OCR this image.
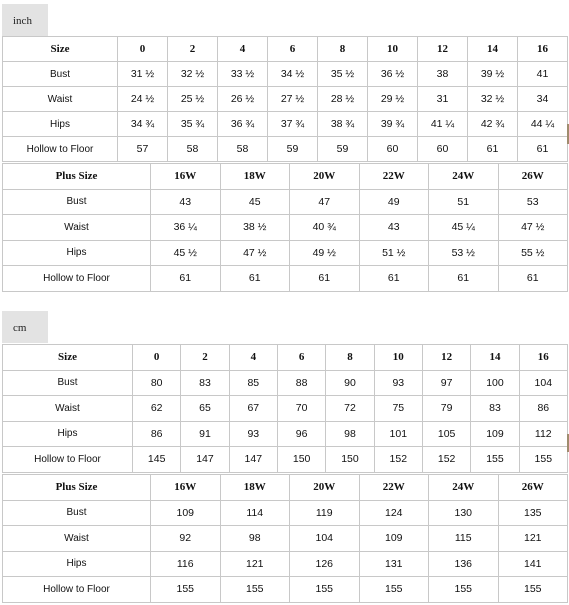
inch
Size	0	2	4	6	8	10	12	14	16
Bust	31 ½	32 ½	33 ½	34 ½	35 ½	36 ½	38	39 ½	41
Waist	24 ½	25 ½	26 ½	27 ½	28 ½	29 ½	31	32 ½	34
Hips	34 ¾	35 ¾	36 ¾	37 ¾	38 ¾	39 ¾	41 ¼	42 ¾	44 ¼
Hollow to Floor	57	58	58	59	59	60	60	61	61
Plus Size	16W	18W	20W	22W	24W	26W
Bust	43	45	47	49	51	53
Waist	36 ¼	38 ½	40 ¾	43	45 ¼	47 ½
Hips	45 ½	47 ½	49 ½	51 ½	53 ½	55 ½
Hollow to Floor	61	61	61	61	61	61
cm
Size	0	2	4	6	8	10	12	14	16
Bust	80	83	85	88	90	93	97	100	104
Waist	62	65	67	70	72	75	79	83	86
Hips	86	91	93	96	98	101	105	109	112
Hollow to Floor	145	147	147	150	150	152	152	155	155
Plus Size	16W	18W	20W	22W	24W	26W
Bust	109	114	119	124	130	135
Waist	92	98	104	109	115	121
Hips	116	121	126	131	136	141
Hollow to Floor	155	155	155	155	155	155
